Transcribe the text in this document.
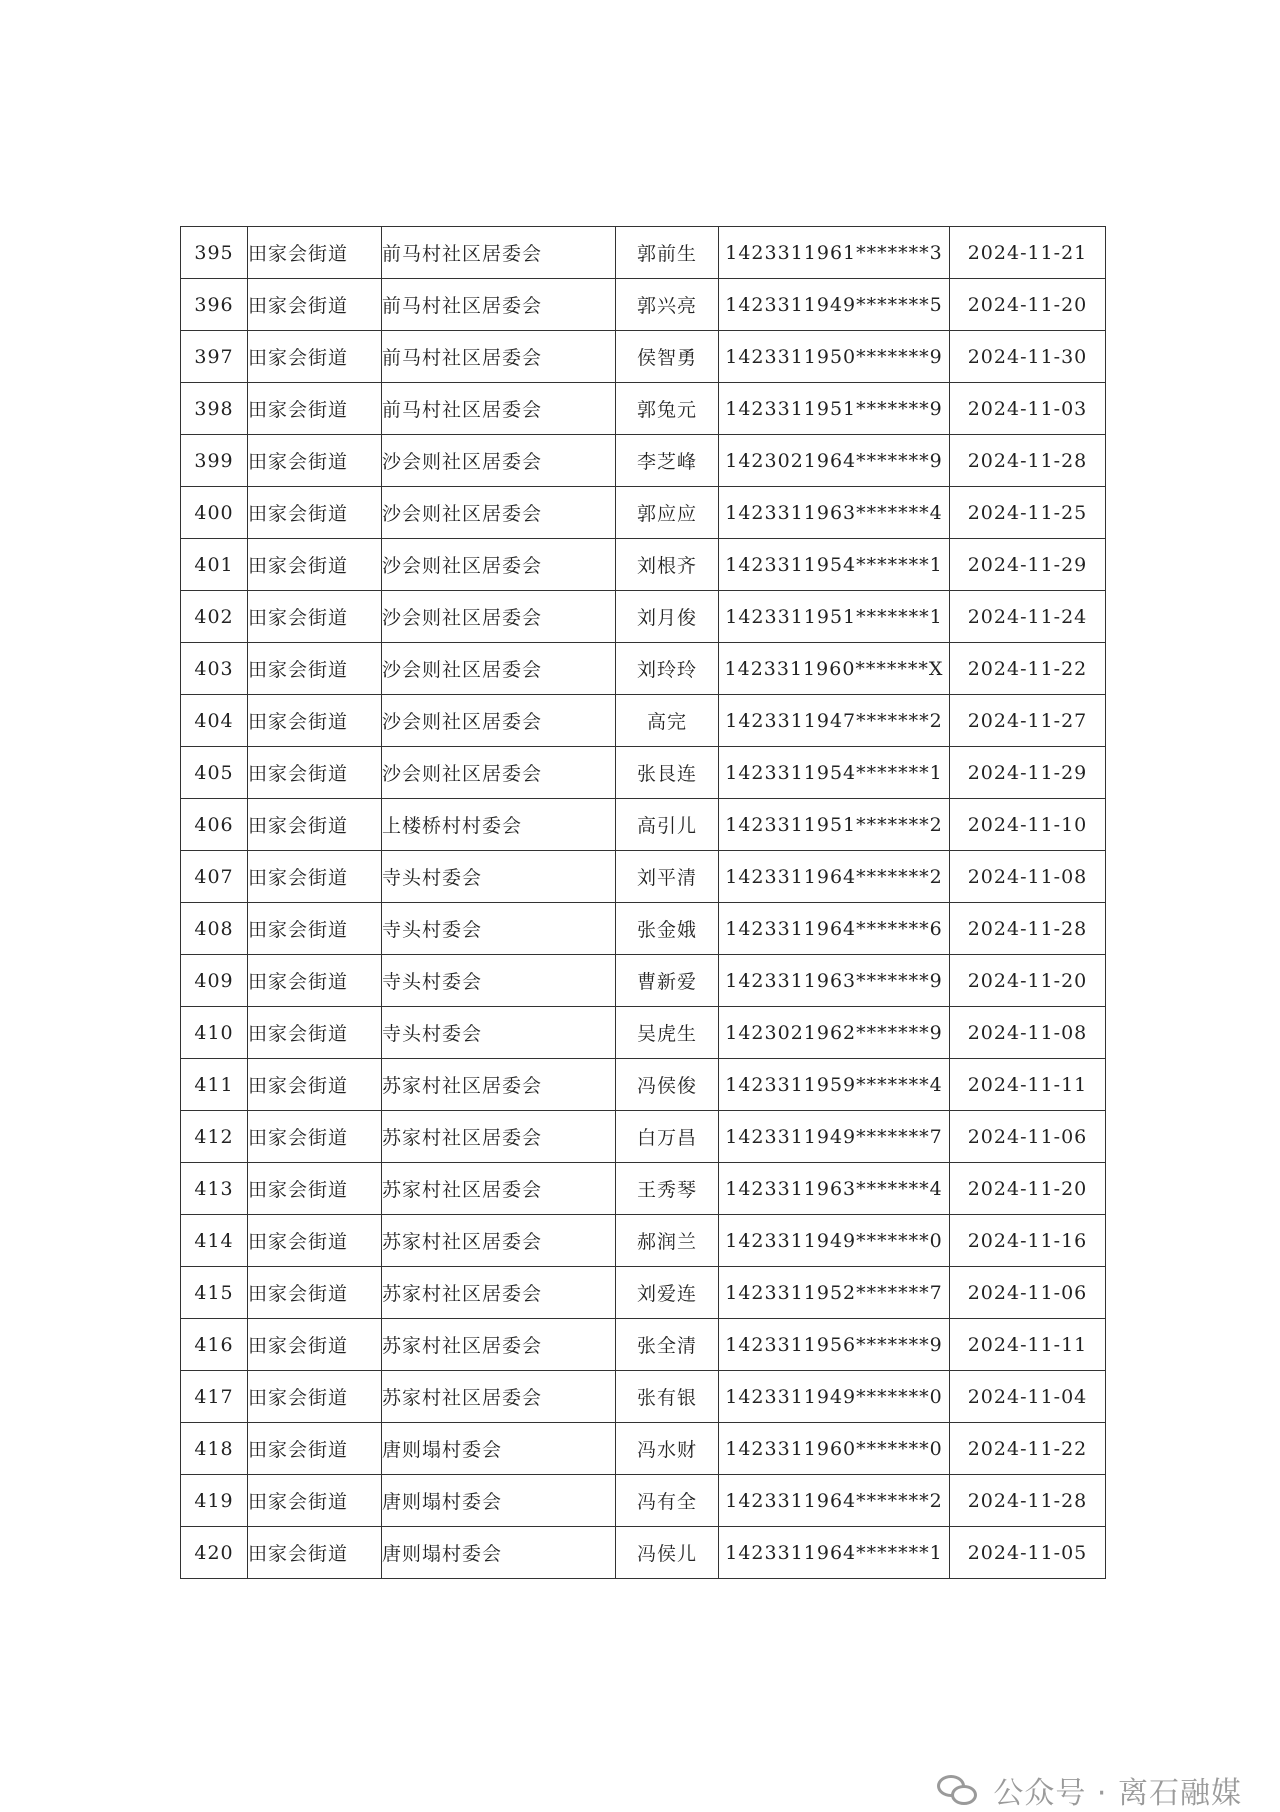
395	田家会街道	前马村社区居委会	郭前生	1423311961*******3	2024-11-21
396	田家会街道	前马村社区居委会	郭兴亮	1423311949*******5	2024-11-20
397	田家会街道	前马村社区居委会	侯智勇	1423311950*******9	2024-11-30
398	田家会街道	前马村社区居委会	郭兔元	1423311951*******9	2024-11-03
399	田家会街道	沙会则社区居委会	李芝峰	1423021964*******9	2024-11-28
400	田家会街道	沙会则社区居委会	郭应应	1423311963*******4	2024-11-25
401	田家会街道	沙会则社区居委会	刘根齐	1423311954*******1	2024-11-29
402	田家会街道	沙会则社区居委会	刘月俊	1423311951*******1	2024-11-24
403	田家会街道	沙会则社区居委会	刘玲玲	1423311960*******X	2024-11-22
404	田家会街道	沙会则社区居委会	高完	1423311947*******2	2024-11-27
405	田家会街道	沙会则社区居委会	张艮连	1423311954*******1	2024-11-29
406	田家会街道	上楼桥村村委会	高引儿	1423311951*******2	2024-11-10
407	田家会街道	寺头村委会	刘平清	1423311964*******2	2024-11-08
408	田家会街道	寺头村委会	张金娥	1423311964*******6	2024-11-28
409	田家会街道	寺头村委会	曹新爱	1423311963*******9	2024-11-20
410	田家会街道	寺头村委会	吴虎生	1423021962*******9	2024-11-08
411	田家会街道	苏家村社区居委会	冯侯俊	1423311959*******4	2024-11-11
412	田家会街道	苏家村社区居委会	白万昌	1423311949*******7	2024-11-06
413	田家会街道	苏家村社区居委会	王秀琴	1423311963*******4	2024-11-20
414	田家会街道	苏家村社区居委会	郝润兰	1423311949*******0	2024-11-16
415	田家会街道	苏家村社区居委会	刘爱连	1423311952*******7	2024-11-06
416	田家会街道	苏家村社区居委会	张全清	1423311956*******9	2024-11-11
417	田家会街道	苏家村社区居委会	张有银	1423311949*******0	2024-11-04
418	田家会街道	唐则塌村委会	冯水财	1423311960*******0	2024-11-22
419	田家会街道	唐则塌村委会	冯有全	1423311964*******2	2024-11-28
420	田家会街道	唐则塌村委会	冯侯儿	1423311964*******1	2024-11-05
公众号 · 离石融媒
